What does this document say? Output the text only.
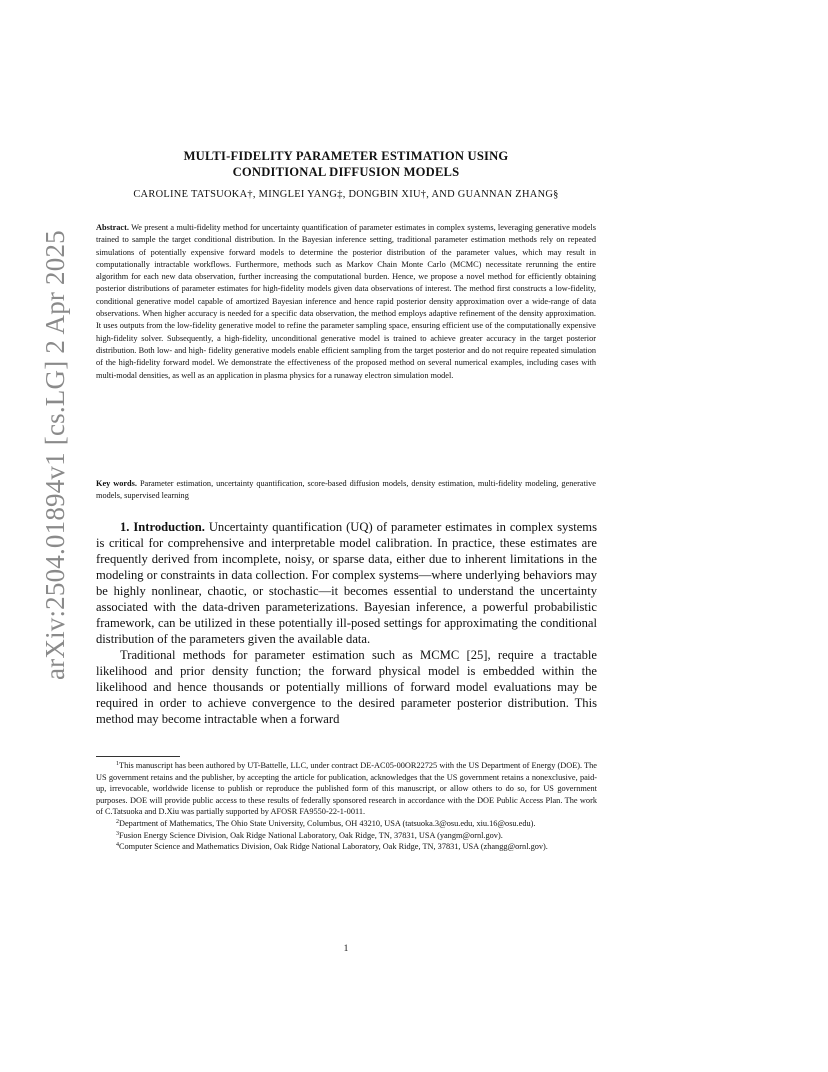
arXiv:2504.01894v1 [cs.LG] 2 Apr 2025
MULTI-FIDELITY PARAMETER ESTIMATION USING
CONDITIONAL DIFFUSION MODELS
CAROLINE TATSUOKA†, MINGLEI YANG‡, DONGBIN XIU†, AND GUANNAN ZHANG§
Abstract. We present a multi-fidelity method for uncertainty quantification of parameter estimates in complex systems, leveraging generative models trained to sample the target conditional distribution. In the Bayesian inference setting, traditional parameter estimation methods rely on repeated simulations of potentially expensive forward models to determine the posterior distribution of the parameter values, which may result in computationally intractable workflows. Furthermore, methods such as Markov Chain Monte Carlo (MCMC) necessitate rerunning the entire algorithm for each new data observation, further increasing the computational burden. Hence, we propose a novel method for efficiently obtaining posterior distributions of parameter estimates for high-fidelity models given data observations of interest. The method first constructs a low-fidelity, conditional generative model capable of amortized Bayesian inference and hence rapid posterior density approximation over a wide-range of data observations. When higher accuracy is needed for a specific data observation, the method employs adaptive refinement of the density approximation. It uses outputs from the low-fidelity generative model to refine the parameter sampling space, ensuring efficient use of the computationally expensive high-fidelity solver. Subsequently, a high-fidelity, unconditional generative model is trained to achieve greater accuracy in the target posterior distribution. Both low- and high- fidelity generative models enable efficient sampling from the target posterior and do not require repeated simulation of the high-fidelity forward model. We demonstrate the effectiveness of the proposed method on several numerical examples, including cases with multi-modal densities, as well as an application in plasma physics for a runaway electron simulation model.
Key words. Parameter estimation, uncertainty quantification, score-based diffusion models, density estimation, multi-fidelity modeling, generative models, supervised learning

1. Introduction. Uncertainty quantification (UQ) of parameter estimates in complex systems is critical for comprehensive and interpretable model calibration. In practice, these estimates are frequently derived from incomplete, noisy, or sparse data, either due to inherent limitations in the modeling or constraints in data collection. For complex systems—where underlying behaviors may be highly nonlinear, chaotic, or stochastic—it becomes essential to understand the uncertainty associated with the data-driven parameterizations. Bayesian inference, a powerful probabilistic framework, can be utilized in these potentially ill-posed settings for approximating the conditional distribution of the parameters given the available data.

Traditional methods for parameter estimation such as MCMC [25], require a tractable likelihood and prior density function; the forward physical model is embedded within the likelihood and hence thousands or potentially millions of forward model evaluations may be required in order to achieve convergence to the desired parameter posterior distribution. This method may become intractable when a forward

$^1$This manuscript has been authored by UT-Battelle, LLC, under contract DE-AC05-00OR22725 with the US Department of Energy (DOE). The US government retains and the publisher, by accepting the article for publication, acknowledges that the US government retains a nonexclusive, paid-up, irrevocable, worldwide license to publish or reproduce the published form of this manuscript, or allow others to do so, for US government purposes. DOE will provide public access to these results of federally sponsored research in accordance with the DOE Public Access Plan. The work of C.Tatsuoka and D.Xiu was partially supported by AFOSR FA9550-22-1-0011.

$^2$Department of Mathematics, The Ohio State University, Columbus, OH 43210, USA (tatsuoka.3@osu.edu, xiu.16@osu.edu).

$^3$Fusion Energy Science Division, Oak Ridge National Laboratory, Oak Ridge, TN, 37831, USA (yangm@ornl.gov).

$^4$Computer Science and Mathematics Division, Oak Ridge National Laboratory, Oak Ridge, TN, 37831, USA (zhangg@ornl.gov).

1
